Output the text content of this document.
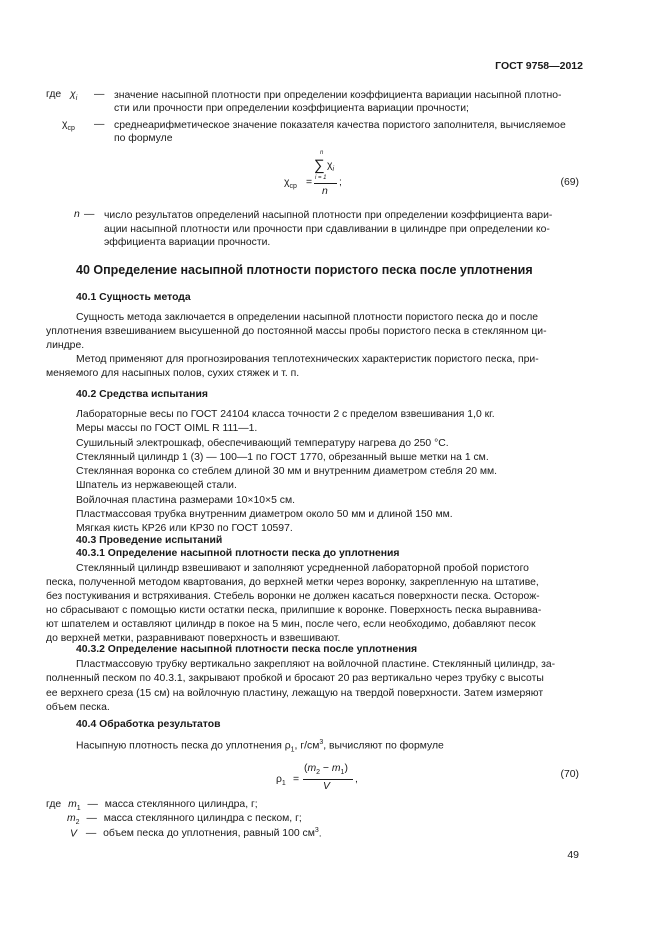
ГОСТ 9758—2012
где $\chi_i$ — значение насыпной плотности при определении коэффициента вариации насыпной плотно-
сти или прочности при определении коэффициента вариации прочности;
$\chi_{ср}$ — среднеарифметическое значение показателя качества пористого заполнителя, вычисляемое
по формуле
$\chi_{ср}$ =
n
∑ $\chi_i$
i = 1
n
;	(69)
n — число результатов определений насыпной плотности при определении коэффициента вари-
ации насыпной плотности или прочности при сдавливании в цилиндре при определении ко-
эффициента вариации прочности.
40 Определение насыпной плотности пористого песка после уплотнения
40.1 Сущность метода
Сущность метода заключается в определении насыпной плотности пористого песка до и после
уплотнения взвешиванием высушенной до постоянной массы пробы пористого песка в стеклянном ци-
линдре.
Метод применяют для прогнозирования теплотехнических характеристик пористого песка, при-
меняемого для насыпных полов, сухих стяжек и т. п.
40.2 Средства испытания
Лабораторные весы по ГОСТ 24104 класса точности 2 с пределом взвешивания 1,0 кг.
Меры массы по ГОСТ OIML R 111—1.
Сушильный электрошкаф, обеспечивающий температуру нагрева до 250 °С.
Стеклянный цилиндр 1 (3) — 100—1 по ГОСТ 1770, обрезанный выше метки на 1 см.
Стеклянная воронка со стеблем длиной 30 мм и внутренним диаметром стебля 20 мм.
Шпатель из нержавеющей стали.
Войлочная пластина размерами 10×10×5 см.
Пластмассовая трубка внутренним диаметром около 50 мм и длиной 150 мм.
Мягкая кисть КР26 или КР30 по ГОСТ 10597.
40.3 Проведение испытаний
40.3.1 Определение насыпной плотности песка до уплотнения
Стеклянный цилиндр взвешивают и заполняют усредненной лабораторной пробой пористого
песка, полученной методом квартования, до верхней метки через воронку, закрепленную на штативе,
без постукивания и встряхивания. Стебель воронки не должен касаться поверхности песка. Осторож-
но сбрасывают с помощью кисти остатки песка, прилипшие к воронке. Поверхность песка выравнива-
ют шпателем и оставляют цилиндр в покое на 5 мин, после чего, если необходимо, добавляют песок
до верхней метки, разравнивают поверхность и взвешивают.
40.3.2 Определение насыпной плотности песка после уплотнения
Пластмассовую трубку вертикально закрепляют на войлочной пластине. Стеклянный цилиндр, за-
полненный песком по 40.3.1, закрывают пробкой и бросают 20 раз вертикально через трубку с высоты
ее верхнего среза (15 см) на войлочную пластину, лежащую на твердой поверхности. Затем измеряют
объем песка.
40.4 Обработка результатов
Насыпную плотность песка до уплотнения $\rho_1$, $г/см^3$, вычисляют по формуле
$\rho_1$ =
$(m_2 - m_1)$
V
,	(70)
где $m_1$ — масса стеклянного цилиндра, г;
$m_2$ — масса стеклянного цилиндра с песком, г;
V — объем песка до уплотнения, равный 100 $см^3$.
49
